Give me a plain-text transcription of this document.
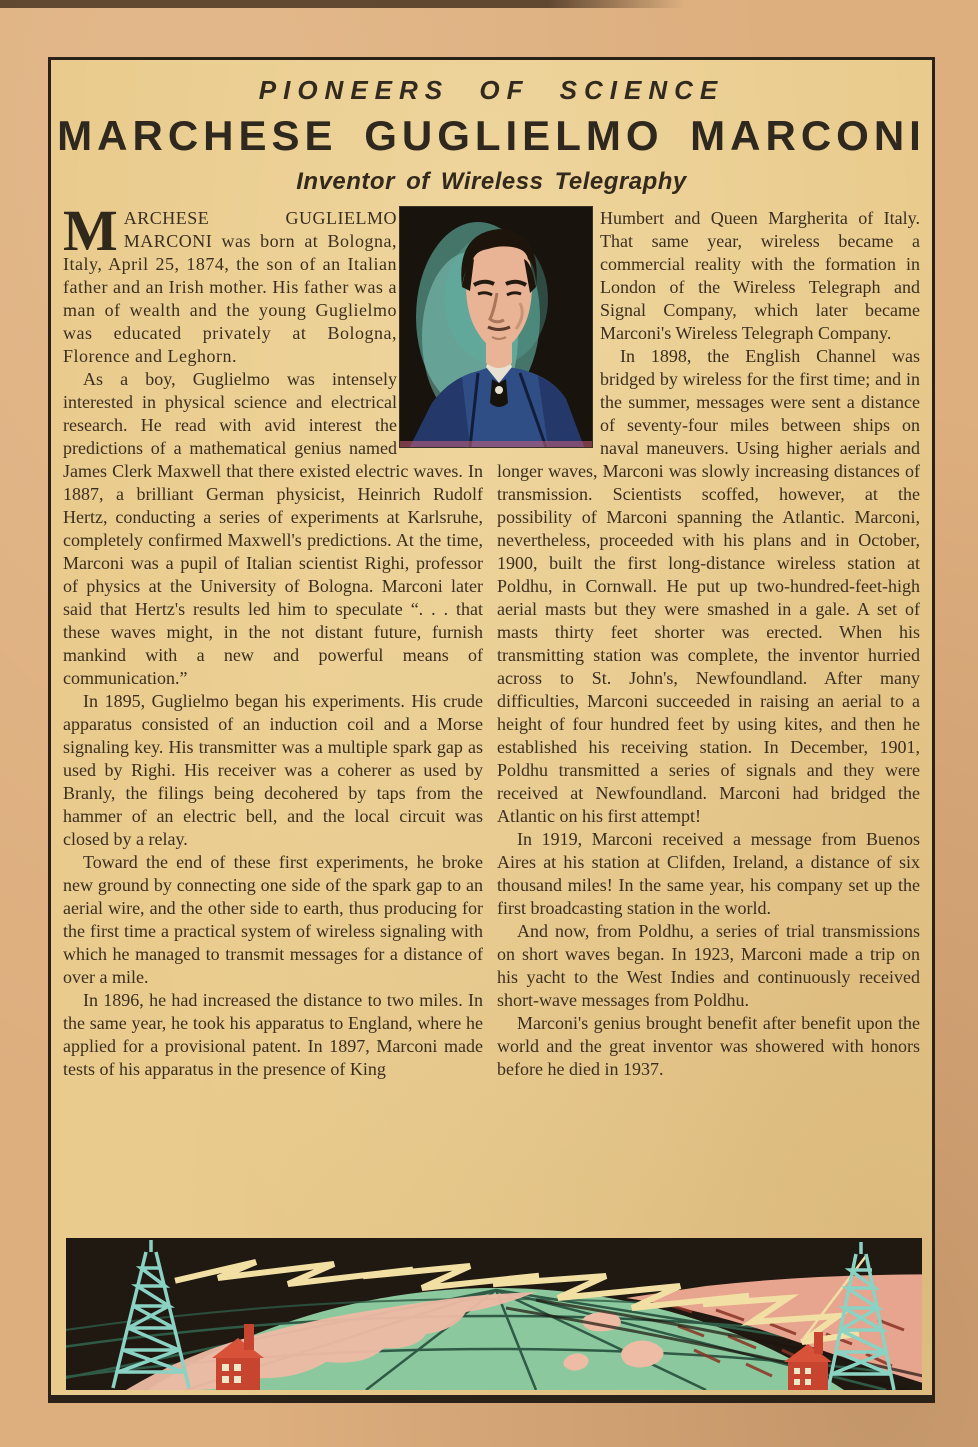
PIONEERS OF SCIENCE
MARCHESE GUGLIELMO MARCONI
Inventor of Wireless Telegraphy

MARCHESE GUGLIELMO MARCONI was born at Bologna, Italy, April 25, 1874, the son of an Italian father and an Irish mother. His father was a man of wealth and the young Guglielmo was educated privately at Bologna, Florence and Leghorn.

As a boy, Guglielmo was intensely interested in physical science and electrical research. He read with avid interest the predictions of a mathematical genius named James Clerk Maxwell that there existed electric waves. In 1887, a brilliant German physicist, Heinrich Rudolf Hertz, conducting a series of experiments at Karlsruhe, completely confirmed Maxwell's predictions. At the time, Marconi was a pupil of Italian scientist Righi, professor of physics at the University of Bologna. Marconi later said that Hertz's results led him to speculate “. . . that these waves might, in the not distant future, furnish mankind with a new and powerful means of communication.”

In 1895, Guglielmo began his experiments. His crude apparatus consisted of an induction coil and a Morse signaling key. His transmitter was a multiple spark gap as used by Righi. His receiver was a coherer as used by Branly, the filings being decohered by taps from the hammer of an electric bell, and the local circuit was closed by a relay.

Toward the end of these first experiments, he broke new ground by connecting one side of the spark gap to an aerial wire, and the other side to earth, thus producing for the first time a practical system of wireless signaling with which he managed to transmit messages for a distance of over a mile.

In 1896, he had increased the distance to two miles. In the same year, he took his apparatus to England, where he applied for a provisional patent. In 1897, Marconi made tests of his apparatus in the presence of King

Humbert and Queen Margherita of Italy. That same year, wireless became a commercial reality with the formation in London of the Wireless Telegraph and Signal Company, which later became Marconi's Wireless Telegraph Company.

In 1898, the English Channel was bridged by wireless for the first time; and in the summer, messages were sent a distance of seventy-four miles between ships on naval maneuvers. Using higher aerials and longer waves, Marconi was slowly increasing distances of transmission. Scientists scoffed, however, at the possibility of Marconi spanning the Atlantic. Marconi, nevertheless, proceeded with his plans and in October, 1900, built the first long-distance wireless station at Poldhu, in Cornwall. He put up two-hundred-feet-high aerial masts but they were smashed in a gale. A set of masts thirty feet shorter was erected. When his transmitting station was complete, the inventor hurried across to St. John's, Newfoundland. After many difficulties, Marconi succeeded in raising an aerial to a height of four hundred feet by using kites, and then he established his receiving station. In December, 1901, Poldhu transmitted a series of signals and they were received at Newfoundland. Marconi had bridged the Atlantic on his first attempt!

In 1919, Marconi received a message from Buenos Aires at his station at Clifden, Ireland, a distance of six thousand miles! In the same year, his company set up the first broadcasting station in the world.

And now, from Poldhu, a series of trial transmissions on short waves began. In 1923, Marconi made a trip on his yacht to the West Indies and continuously received short-wave messages from Poldhu.

Marconi's genius brought benefit after benefit upon the world and the great inventor was showered with honors before he died in 1937.
